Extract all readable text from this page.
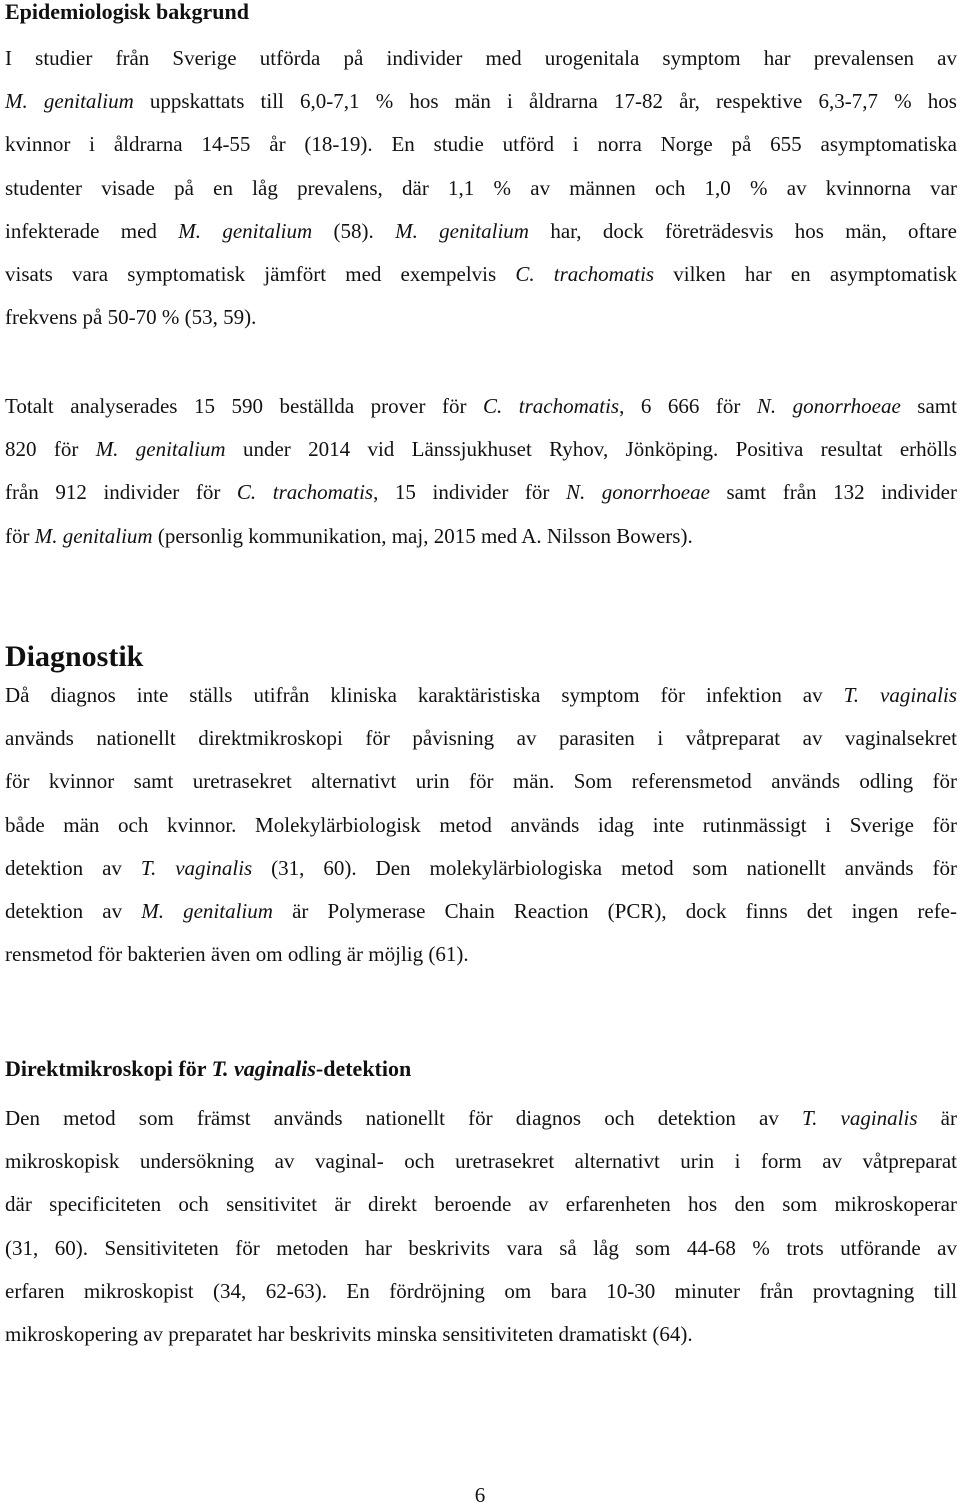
Epidemiologisk bakgrund
I studier från Sverige utförda på individer med urogenitala symptom har prevalensen av
M. genitalium uppskattats till 6,0-7,1 % hos män i åldrarna 17-82 år, respektive 6,3-7,7 % hos
kvinnor i åldrarna 14-55 år (18-19). En studie utförd i norra Norge på 655 asymptomatiska
studenter visade på en låg prevalens, där 1,1 % av männen och 1,0 % av kvinnorna var
infekterade med M. genitalium (58). M. genitalium har, dock företrädesvis hos män, oftare
visats vara symptomatisk jämfört med exempelvis C. trachomatis vilken har en asymptomatisk
frekvens på 50-70 % (53, 59).
Totalt analyserades 15 590 beställda prover för C. trachomatis, 6 666 för N. gonorrhoeae samt
820 för M. genitalium under 2014 vid Länssjukhuset Ryhov, Jönköping. Positiva resultat erhölls
från 912 individer för C. trachomatis, 15 individer för N. gonorrhoeae samt från 132 individer
för M. genitalium (personlig kommunikation, maj, 2015 med A. Nilsson Bowers).
Diagnostik
Då diagnos inte ställs utifrån kliniska karaktäristiska symptom för infektion av T. vaginalis
används nationellt direktmikroskopi för påvisning av parasiten i våtpreparat av vaginalsekret
för kvinnor samt uretrasekret alternativt urin för män. Som referensmetod används odling för
både män och kvinnor. Molekylärbiologisk metod används idag inte rutinmässigt i Sverige för
detektion av T. vaginalis (31, 60). Den molekylärbiologiska metod som nationellt används för
detektion av M. genitalium är Polymerase Chain Reaction (PCR), dock finns det ingen refe-
rensmetod för bakterien även om odling är möjlig (61).
Direktmikroskopi för T. vaginalis-detektion
Den metod som främst används nationellt för diagnos och detektion av T. vaginalis är
mikroskopisk undersökning av vaginal- och uretrasekret alternativt urin i form av våtpreparat
där specificiteten och sensitivitet är direkt beroende av erfarenheten hos den som mikroskoperar
(31, 60). Sensitiviteten för metoden har beskrivits vara så låg som 44-68 % trots utförande av
erfaren mikroskopist (34, 62-63). En fördröjning om bara 10-30 minuter från provtagning till
mikroskopering av preparatet har beskrivits minska sensitiviteten dramatiskt (64).
6
